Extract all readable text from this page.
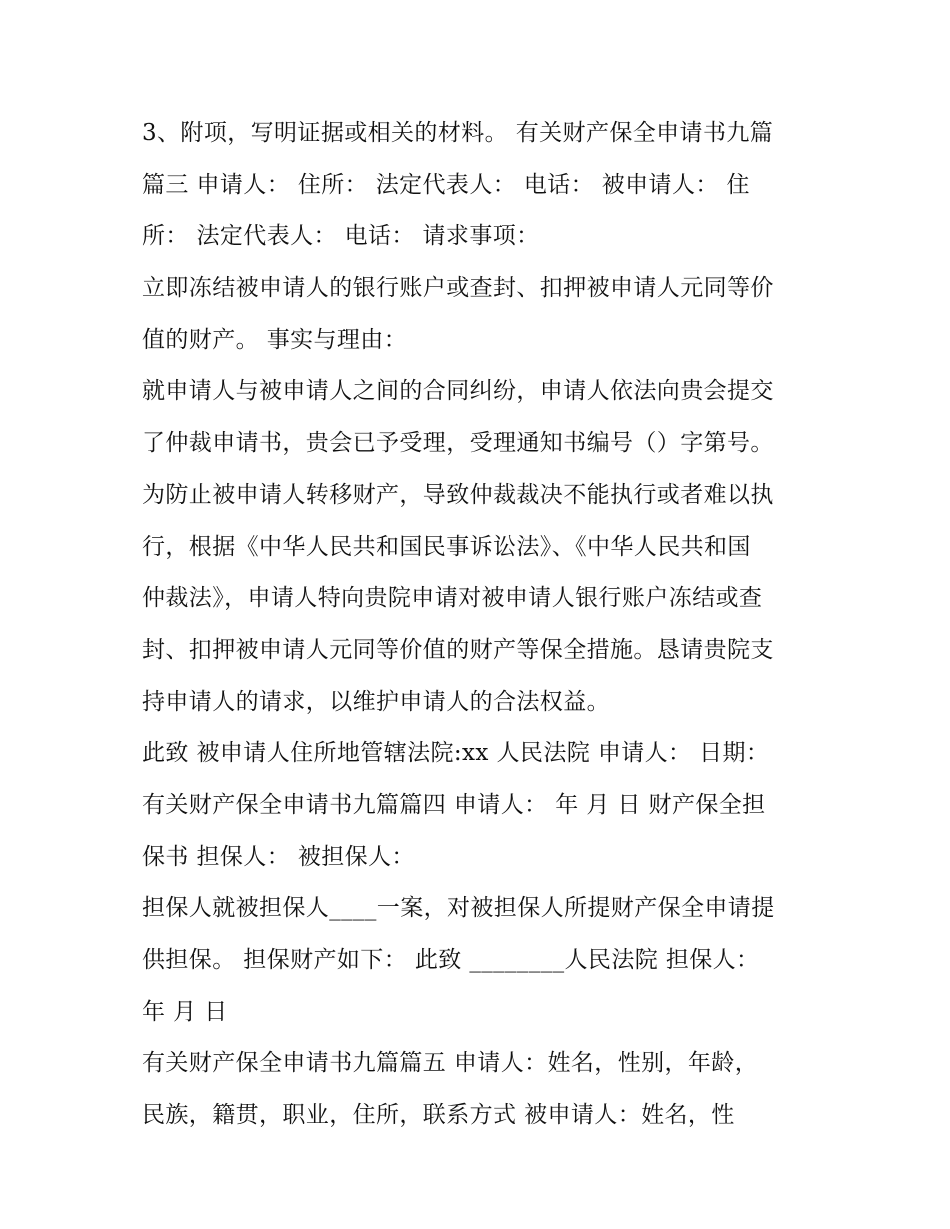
3、附项，写明证据或相关的材料。 有关财产保全申请书九篇
篇三 申请人： 住所： 法定代表人： 电话： 被申请人： 住
所： 法定代表人： 电话： 请求事项：
立即冻结被申请人的银行账户或查封、扣押被申请人元同等价
值的财产。 事实与理由：
就申请人与被申请人之间的合同纠纷，申请人依法向贵会提交
了仲裁申请书，贵会已予受理，受理通知书编号（）字第号。
为防止被申请人转移财产，导致仲裁裁决不能执行或者难以执
行，根据《中华人民共和国民事诉讼法》、《中华人民共和国
仲裁法》，申请人特向贵院申请对被申请人银行账户冻结或查
封、扣押被申请人元同等价值的财产等保全措施。恳请贵院支
持申请人的请求，以维护申请人的合法权益。
此致 被申请人住所地管辖法院:xx 人民法院 申请人： 日期：
有关财产保全申请书九篇篇四 申请人： 年 月 日 财产保全担
保书 担保人： 被担保人：
担保人就被担保人____一案，对被担保人所提财产保全申请提
供担保。 担保财产如下： 此致 ________人民法院 担保人：
年 月 日
有关财产保全申请书九篇篇五 申请人：姓名，性别，年龄，
民族，籍贯，职业，住所，联系方式 被申请人：姓名，性
